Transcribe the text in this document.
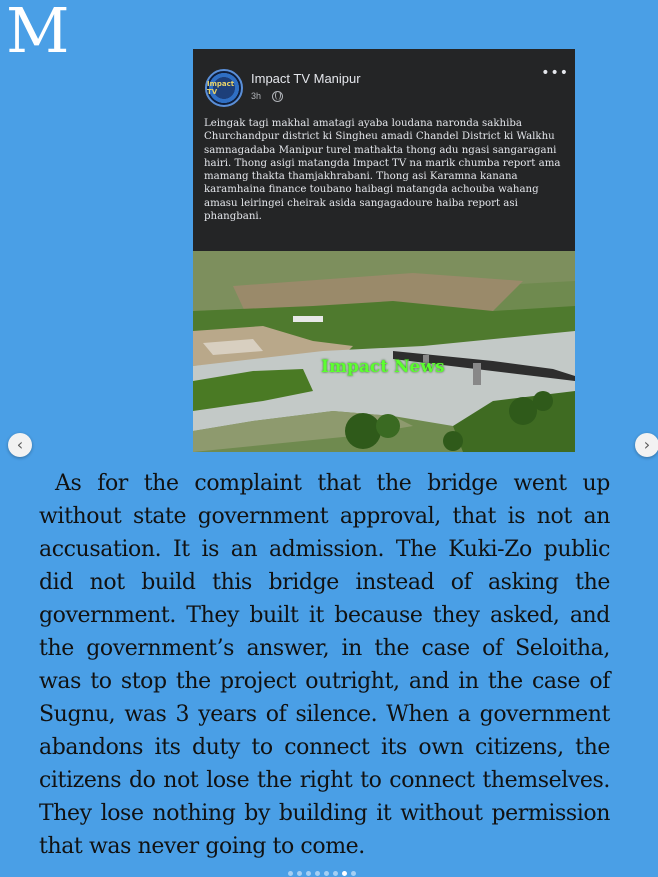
M
Impact TV
Impact TV Manipur
3h
•••
Leingak tagi makhal amatagi ayaba loudana naronda sakhiba Churchandpur district ki Singheu amadi Chandel District ki Walkhu samnagadaba Manipur turel mathakta thong adu ngasi sangaragani hairi. Thong asigi matangda Impact TV na marik chumba report ama mamang thakta thamjakhrabani. Thong asi Karamna kanana karamhaina finance toubano haibagi matangda achouba wahang amasu leiringei cheirak asida sangagadoure haiba report asi phangbani.
Impact News
‹	›
As for the complaint that the bridge went up without state government approval, that is not an accusation. It is an admission. The Kuki-Zo public did not build this bridge instead of asking the government. They built it because they asked, and the government’s answer, in the case of Seloitha, was to stop the project outright, and in the case of Sugnu, was 3 years of silence. When a government abandons its duty to connect its own citizens, the citizens do not lose the right to connect themselves. They lose nothing by building it without permission that was never going to come.
